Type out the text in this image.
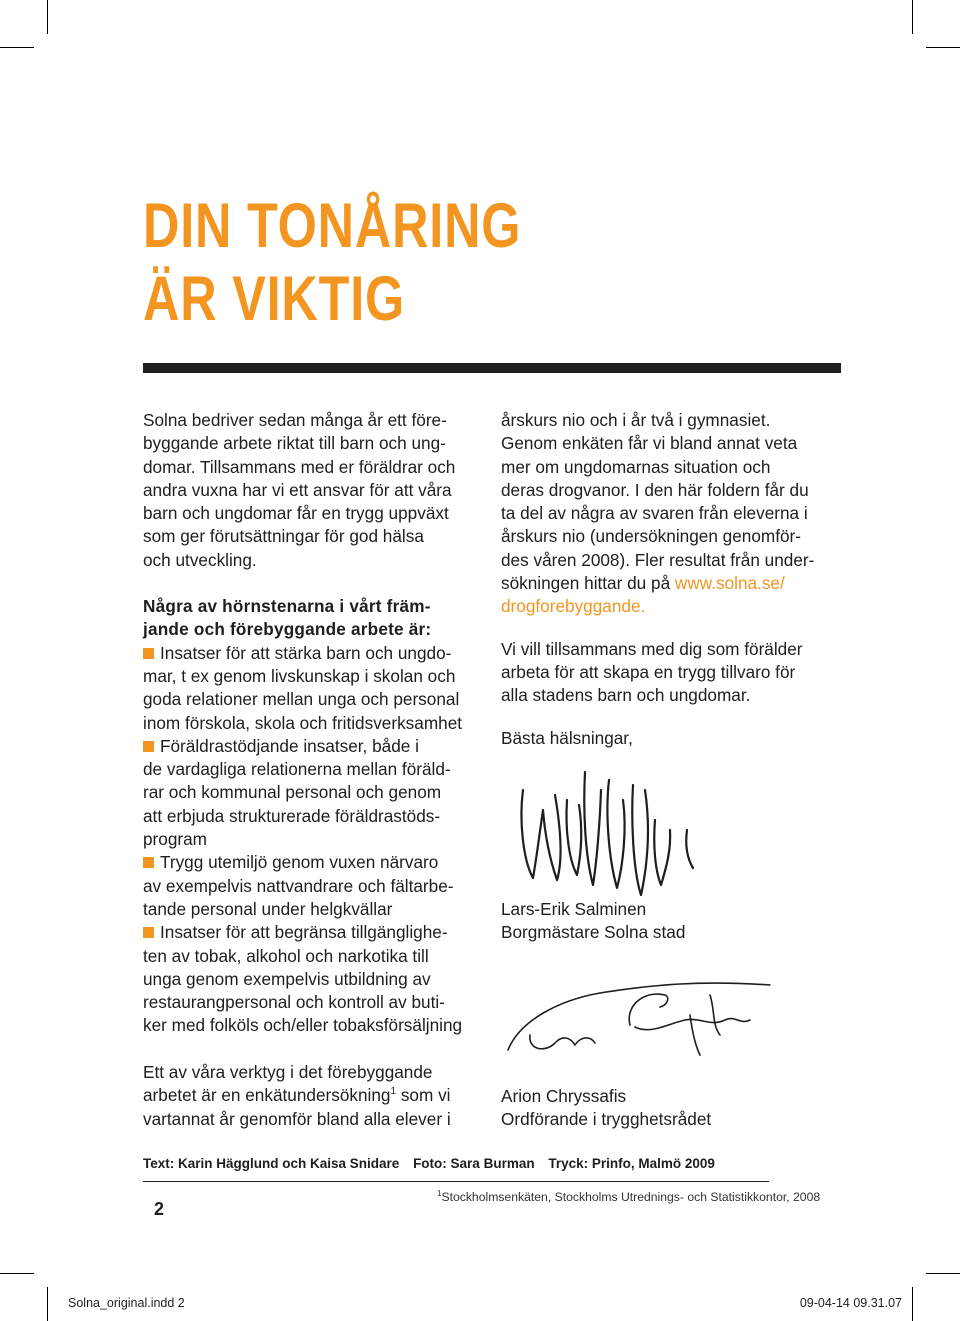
DIN TONÅRING
ÄR VIKTIG

Solna bedriver sedan många år ett före-
byggande arbete riktat till barn och ung-
domar. Tillsammans med er föräldrar och
andra vuxna har vi ett ansvar för att våra
barn och ungdomar får en trygg uppväxt
som ger förutsättningar för god hälsa
och utveckling.

Några av hörnstenarna i vårt främ-
jande och förebyggande arbete är:

Insatser för att stärka barn och ungdo-
mar, t ex genom livskunskap i skolan och
goda relationer mellan unga och personal
inom förskola, skola och fritidsverksamhet
Föräldrastödjande insatser, både i
de vardagliga relationerna mellan föräld-
rar och kommunal personal och genom
att erbjuda strukturerade föräldrastöds-
program
Trygg utemiljö genom vuxen närvaro
av exempelvis nattvandrare och fältarbe-
tande personal under helgkvällar
Insatser för att begränsa tillgänglighe-
ten av tobak, alkohol och narkotika till
unga genom exempelvis utbildning av
restaurangpersonal och kontroll av buti-
ker med folköls och/eller tobaksförsäljning
Ett av våra verktyg i det förebyggande
arbetet är en enkätundersökning$^1$ som vi
vartannat år genomför bland alla elever i

årskurs nio och i år två i gymnasiet.
Genom enkäten får vi bland annat veta
mer om ungdomarnas situation och
deras drogvanor. I den här foldern får du
ta del av några av svaren från eleverna i
årskurs nio (undersökningen genomför-
des våren 2008). Fler resultat från under-
sökningen hittar du på www.solna.se/
drogforebyggande.

Vi vill tillsammans med dig som förälder
arbeta för att skapa en trygg tillvaro för
alla stadens barn och ungdomar.

Bästa hälsningar,

Lars-Erik Salminen
Borgmästare Solna stad
Arion Chryssafis
Ordförande i trygghetsrådet
Text: Karin Hägglund och Kaisa Snidare Foto: Sara Burman Tryck: Prinfo, Malmö 2009
2
$^1$Stockholmsenkäten, Stockholms Utrednings- och Statistikkontor, 2008
Solna_original.indd 2	09-04-14 09.31.07
